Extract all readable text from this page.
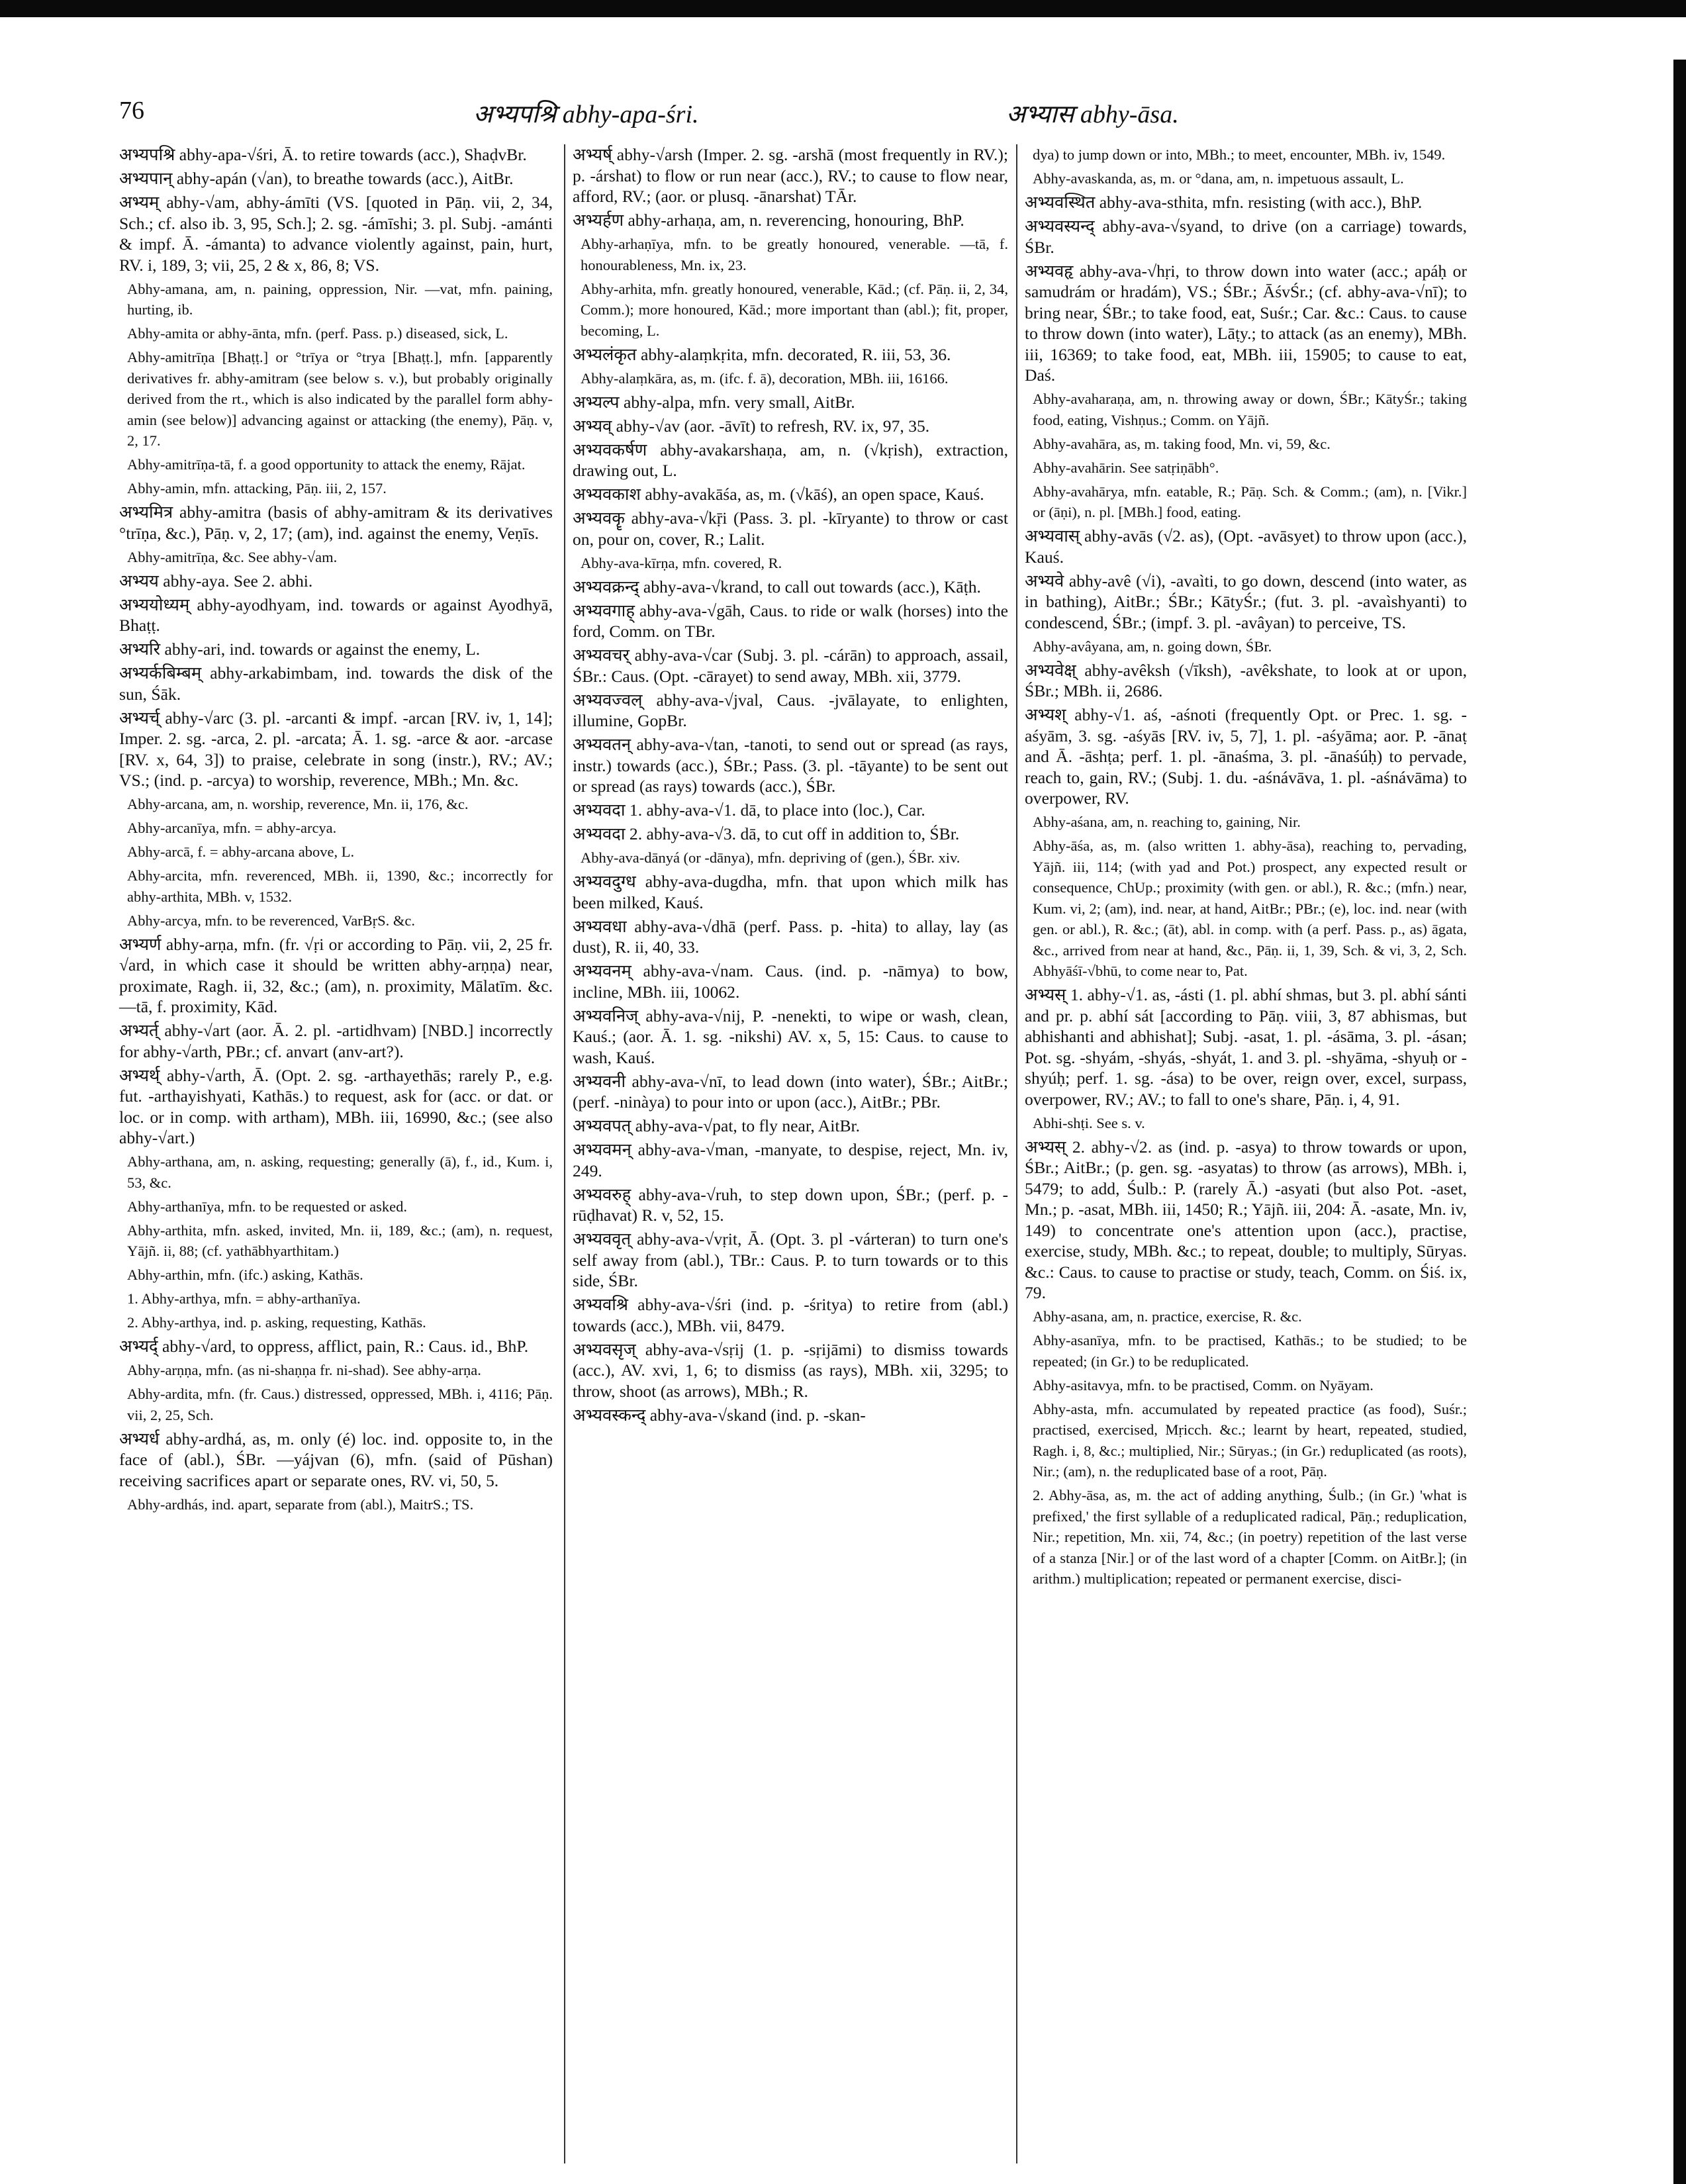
76	अभ्यपश्रि abhy-apa-śri.	अभ्यास abhy-āsa.

अभ्यपश्रि abhy-apa-√śri, Ā. to retire towards (acc.), ShaḍvBr.

अभ्यपान् abhy-apán (√an), to breathe towards (acc.), AitBr.

अभ्यम् abhy-√am, abhy-ámīti (VS. [quoted in Pāṇ. vii, 2, 34, Sch.; cf. also ib. 3, 95, Sch.]; 2. sg. -ámīshi; 3. pl. Subj. -amánti & impf. Ā. -ámanta) to advance violently against, pain, hurt, RV. i, 189, 3; vii, 25, 2 & x, 86, 8; VS.

Abhy-amana, am, n. paining, oppression, Nir. —vat, mfn. paining, hurting, ib.

Abhy-amita or abhy-ānta, mfn. (perf. Pass. p.) diseased, sick, L.

Abhy-amitrīṇa [Bhaṭṭ.] or °trīya or °trya [Bhaṭṭ.], mfn. [apparently derivatives fr. abhy-amitram (see below s. v.), but probably originally derived from the rt., which is also indicated by the parallel form abhy-amin (see below)] advancing against or attacking (the enemy), Pāṇ. v, 2, 17.

Abhy-amitrīṇa-tā, f. a good opportunity to attack the enemy, Rājat.

Abhy-amin, mfn. attacking, Pāṇ. iii, 2, 157.

अभ्यमित्र abhy-amitra (basis of abhy-amitram & its derivatives °trīṇa, &c.), Pāṇ. v, 2, 17; (am), ind. against the enemy, Veṇīs.

Abhy-amitrīṇa, &c. See abhy-√am.

अभ्यय abhy-aya. See 2. abhi.

अभ्ययोध्यम् abhy-ayodhyam, ind. towards or against Ayodhyā, Bhaṭṭ.

अभ्यरि abhy-ari, ind. towards or against the enemy, L.

अभ्यर्कबिम्बम् abhy-arkabimbam, ind. towards the disk of the sun, Śāk.

अभ्यर्च् abhy-√arc (3. pl. -arcanti & impf. -arcan [RV. iv, 1, 14]; Imper. 2. sg. -arca, 2. pl. -arcata; Ā. 1. sg. -arce & aor. -arcase [RV. x, 64, 3]) to praise, celebrate in song (instr.), RV.; AV.; VS.; (ind. p. -arcya) to worship, reverence, MBh.; Mn. &c.

Abhy-arcana, am, n. worship, reverence, Mn. ii, 176, &c.

Abhy-arcanīya, mfn. = abhy-arcya.

Abhy-arcā, f. = abhy-arcana above, L.

Abhy-arcita, mfn. reverenced, MBh. ii, 1390, &c.; incorrectly for abhy-arthita, MBh. v, 1532.

Abhy-arcya, mfn. to be reverenced, VarBṛS. &c.

अभ्यर्ण abhy-arṇa, mfn. (fr. √ṛi or according to Pāṇ. vii, 2, 25 fr. √ard, in which case it should be written abhy-arṇṇa) near, proximate, Ragh. ii, 32, &c.; (am), n. proximity, Mālatīm. &c. —tā, f. proximity, Kād.

अभ्यर्त् abhy-√art (aor. Ā. 2. pl. -artidhvam) [NBD.] incorrectly for abhy-√arth, PBr.; cf. anvart (anv-art?).

अभ्यर्थ् abhy-√arth, Ā. (Opt. 2. sg. -arthayethās; rarely P., e.g. fut. -arthayishyati, Kathās.) to request, ask for (acc. or dat. or loc. or in comp. with artham), MBh. iii, 16990, &c.; (see also abhy-√art.)

Abhy-arthana, am, n. asking, requesting; generally (ā), f., id., Kum. i, 53, &c.

Abhy-arthanīya, mfn. to be requested or asked.

Abhy-arthita, mfn. asked, invited, Mn. ii, 189, &c.; (am), n. request, Yājñ. ii, 88; (cf. yathābhyarthitam.)

Abhy-arthin, mfn. (ifc.) asking, Kathās.

1. Abhy-arthya, mfn. = abhy-arthanīya.

2. Abhy-arthya, ind. p. asking, requesting, Kathās.

अभ्यर्द् abhy-√ard, to oppress, afflict, pain, R.: Caus. id., BhP.

Abhy-arṇṇa, mfn. (as ni-shaṇṇa fr. ni-shad). See abhy-arṇa.

Abhy-ardita, mfn. (fr. Caus.) distressed, oppressed, MBh. i, 4116; Pāṇ. vii, 2, 25, Sch.

अभ्यर्ध abhy-ardhá, as, m. only (é) loc. ind. opposite to, in the face of (abl.), ŚBr. —yájvan (6), mfn. (said of Pūshan) receiving sacrifices apart or separate ones, RV. vi, 50, 5.

Abhy-ardhás, ind. apart, separate from (abl.), MaitrS.; TS.

अभ्यर्ष् abhy-√arsh (Imper. 2. sg. -arshā (most frequently in RV.); p. -árshat) to flow or run near (acc.), RV.; to cause to flow near, afford, RV.; (aor. or plusq. -ānarshat) TĀr.

अभ्यर्हण abhy-arhaṇa, am, n. reverencing, honouring, BhP.

Abhy-arhaṇīya, mfn. to be greatly honoured, venerable. —tā, f. honourableness, Mn. ix, 23.

Abhy-arhita, mfn. greatly honoured, venerable, Kād.; (cf. Pāṇ. ii, 2, 34, Comm.); more honoured, Kād.; more important than (abl.); fit, proper, becoming, L.

अभ्यलंकृत abhy-alaṃkṛita, mfn. decorated, R. iii, 53, 36.

Abhy-alaṃkāra, as, m. (ifc. f. ā), decoration, MBh. iii, 16166.

अभ्यल्प abhy-alpa, mfn. very small, AitBr.

अभ्यव् abhy-√av (aor. -āvīt) to refresh, RV. ix, 97, 35.

अभ्यवकर्षण abhy-avakarshaṇa, am, n. (√kṛish), extraction, drawing out, L.

अभ्यवकाश abhy-avakāśa, as, m. (√kāś), an open space, Kauś.

अभ्यवकॄ abhy-ava-√kṝi (Pass. 3. pl. -kīryante) to throw or cast on, pour on, cover, R.; Lalit.

Abhy-ava-kīrṇa, mfn. covered, R.

अभ्यवक्रन्द् abhy-ava-√krand, to call out towards (acc.), Kāṭh.

अभ्यवगाह् abhy-ava-√gāh, Caus. to ride or walk (horses) into the ford, Comm. on TBr.

अभ्यवचर् abhy-ava-√car (Subj. 3. pl. -cárān) to approach, assail, ŚBr.: Caus. (Opt. -cārayet) to send away, MBh. xii, 3779.

अभ्यवज्वल् abhy-ava-√jval, Caus. -jvālayate, to enlighten, illumine, GopBr.

अभ्यवतन् abhy-ava-√tan, -tanoti, to send out or spread (as rays, instr.) towards (acc.), ŚBr.; Pass. (3. pl. -tāyante) to be sent out or spread (as rays) towards (acc.), ŚBr.

अभ्यवदा 1. abhy-ava-√1. dā, to place into (loc.), Car.

अभ्यवदा 2. abhy-ava-√3. dā, to cut off in addition to, ŚBr.

Abhy-ava-dānyá (or -dānya), mfn. depriving of (gen.), ŚBr. xiv.

अभ्यवदुग्ध abhy-ava-dugdha, mfn. that upon which milk has been milked, Kauś.

अभ्यवधा abhy-ava-√dhā (perf. Pass. p. -hita) to allay, lay (as dust), R. ii, 40, 33.

अभ्यवनम् abhy-ava-√nam. Caus. (ind. p. -nāmya) to bow, incline, MBh. iii, 10062.

अभ्यवनिज् abhy-ava-√nij, P. -nenekti, to wipe or wash, clean, Kauś.; (aor. Ā. 1. sg. -nikshi) AV. x, 5, 15: Caus. to cause to wash, Kauś.

अभ्यवनी abhy-ava-√nī, to lead down (into water), ŚBr.; AitBr.; (perf. -ninàya) to pour into or upon (acc.), AitBr.; PBr.

अभ्यवपत् abhy-ava-√pat, to fly near, AitBr.

अभ्यवमन् abhy-ava-√man, -manyate, to despise, reject, Mn. iv, 249.

अभ्यवरुह् abhy-ava-√ruh, to step down upon, ŚBr.; (perf. p. -rūḍhavat) R. v, 52, 15.

अभ्यववृत् abhy-ava-√vṛit, Ā. (Opt. 3. pl -várteran) to turn one's self away from (abl.), TBr.: Caus. P. to turn towards or to this side, ŚBr.

अभ्यवश्रि abhy-ava-√śri (ind. p. -śritya) to retire from (abl.) towards (acc.), MBh. vii, 8479.

अभ्यवसृज् abhy-ava-√sṛij (1. p. -sṛijāmi) to dismiss towards (acc.), AV. xvi, 1, 6; to dismiss (as rays), MBh. xii, 3295; to throw, shoot (as arrows), MBh.; R.

अभ्यवस्कन्द् abhy-ava-√skand (ind. p. -skan-

dya) to jump down or into, MBh.; to meet, encounter, MBh. iv, 1549.

Abhy-avaskanda, as, m. or °dana, am, n. impetuous assault, L.

अभ्यवस्थित abhy-ava-sthita, mfn. resisting (with acc.), BhP.

अभ्यवस्यन्द् abhy-ava-√syand, to drive (on a carriage) towards, ŚBr.

अभ्यवहृ abhy-ava-√hṛi, to throw down into water (acc.; apáḥ or samudrám or hradám), VS.; ŚBr.; ĀśvŚr.; (cf. abhy-ava-√nī); to bring near, ŚBr.; to take food, eat, Suśr.; Car. &c.: Caus. to cause to throw down (into water), Lāṭy.; to attack (as an enemy), MBh. iii, 16369; to take food, eat, MBh. iii, 15905; to cause to eat, Daś.

Abhy-avaharaṇa, am, n. throwing away or down, ŚBr.; KātyŚr.; taking food, eating, Vishṇus.; Comm. on Yājñ.

Abhy-avahāra, as, m. taking food, Mn. vi, 59, &c.

Abhy-avahārin. See satṛiṇābh°.

Abhy-avahārya, mfn. eatable, R.; Pāṇ. Sch. & Comm.; (am), n. [Vikr.] or (āṇi), n. pl. [MBh.] food, eating.

अभ्यवास् abhy-avās (√2. as), (Opt. -avāsyet) to throw upon (acc.), Kauś.

अभ्यवे abhy-avê (√i), -avaìti, to go down, descend (into water, as in bathing), AitBr.; ŚBr.; KātyŚr.; (fut. 3. pl. -avaìshyanti) to condescend, ŚBr.; (impf. 3. pl. -avâyan) to perceive, TS.

Abhy-avâyana, am, n. going down, ŚBr.

अभ्यवेक्ष् abhy-avêksh (√īksh), -avêkshate, to look at or upon, ŚBr.; MBh. ii, 2686.

अभ्यश् abhy-√1. aś, -aśnoti (frequently Opt. or Prec. 1. sg. -aśyām, 3. sg. -aśyās [RV. iv, 5, 7], 1. pl. -aśyāma; aor. P. -ānaṭ and Ā. -āshṭa; perf. 1. pl. -ānaśma, 3. pl. -ānaśúḥ) to pervade, reach to, gain, RV.; (Subj. 1. du. -aśnávāva, 1. pl. -aśnávāma) to overpower, RV.

Abhy-aśana, am, n. reaching to, gaining, Nir.

Abhy-āśa, as, m. (also written 1. abhy-āsa), reaching to, pervading, Yājñ. iii, 114; (with yad and Pot.) prospect, any expected result or consequence, ChUp.; proximity (with gen. or abl.), R. &c.; (mfn.) near, Kum. vi, 2; (am), ind. near, at hand, AitBr.; PBr.; (e), loc. ind. near (with gen. or abl.), R. &c.; (āt), abl. in comp. with (a perf. Pass. p., as) āgata, &c., arrived from near at hand, &c., Pāṇ. ii, 1, 39, Sch. & vi, 3, 2, Sch. Abhyāśī-√bhū, to come near to, Pat.

अभ्यस् 1. abhy-√1. as, -ásti (1. pl. abhí shmas, but 3. pl. abhí sánti and pr. p. abhí sát [according to Pāṇ. viii, 3, 87 abhismas, but abhishanti and abhishat]; Subj. -asat, 1. pl. -ásāma, 3. pl. -ásan; Pot. sg. -shyám, -shyás, -shyát, 1. and 3. pl. -shyāma, -shyuḥ or -shyúḥ; perf. 1. sg. -ása) to be over, reign over, excel, surpass, overpower, RV.; AV.; to fall to one's share, Pāṇ. i, 4, 91.

Abhi-shṭi. See s. v.

अभ्यस् 2. abhy-√2. as (ind. p. -asya) to throw towards or upon, ŚBr.; AitBr.; (p. gen. sg. -asyatas) to throw (as arrows), MBh. i, 5479; to add, Śulb.: P. (rarely Ā.) -asyati (but also Pot. -aset, Mn.; p. -asat, MBh. iii, 1450; R.; Yājñ. iii, 204: Ā. -asate, Mn. iv, 149) to concentrate one's attention upon (acc.), practise, exercise, study, MBh. &c.; to repeat, double; to multiply, Sūryas. &c.: Caus. to cause to practise or study, teach, Comm. on Śiś. ix, 79.

Abhy-asana, am, n. practice, exercise, R. &c.

Abhy-asanīya, mfn. to be practised, Kathās.; to be studied; to be repeated; (in Gr.) to be reduplicated.

Abhy-asitavya, mfn. to be practised, Comm. on Nyāyam.

Abhy-asta, mfn. accumulated by repeated practice (as food), Suśr.; practised, exercised, Mṛicch. &c.; learnt by heart, repeated, studied, Ragh. i, 8, &c.; multiplied, Nir.; Sūryas.; (in Gr.) reduplicated (as roots), Nir.; (am), n. the reduplicated base of a root, Pāṇ.

2. Abhy-āsa, as, m. the act of adding anything, Śulb.; (in Gr.) 'what is prefixed,' the first syllable of a reduplicated radical, Pāṇ.; reduplication, Nir.; repetition, Mn. xii, 74, &c.; (in poetry) repetition of the last verse of a stanza [Nir.] or of the last word of a chapter [Comm. on AitBr.]; (in arithm.) multiplication; repeated or permanent exercise, disci-
